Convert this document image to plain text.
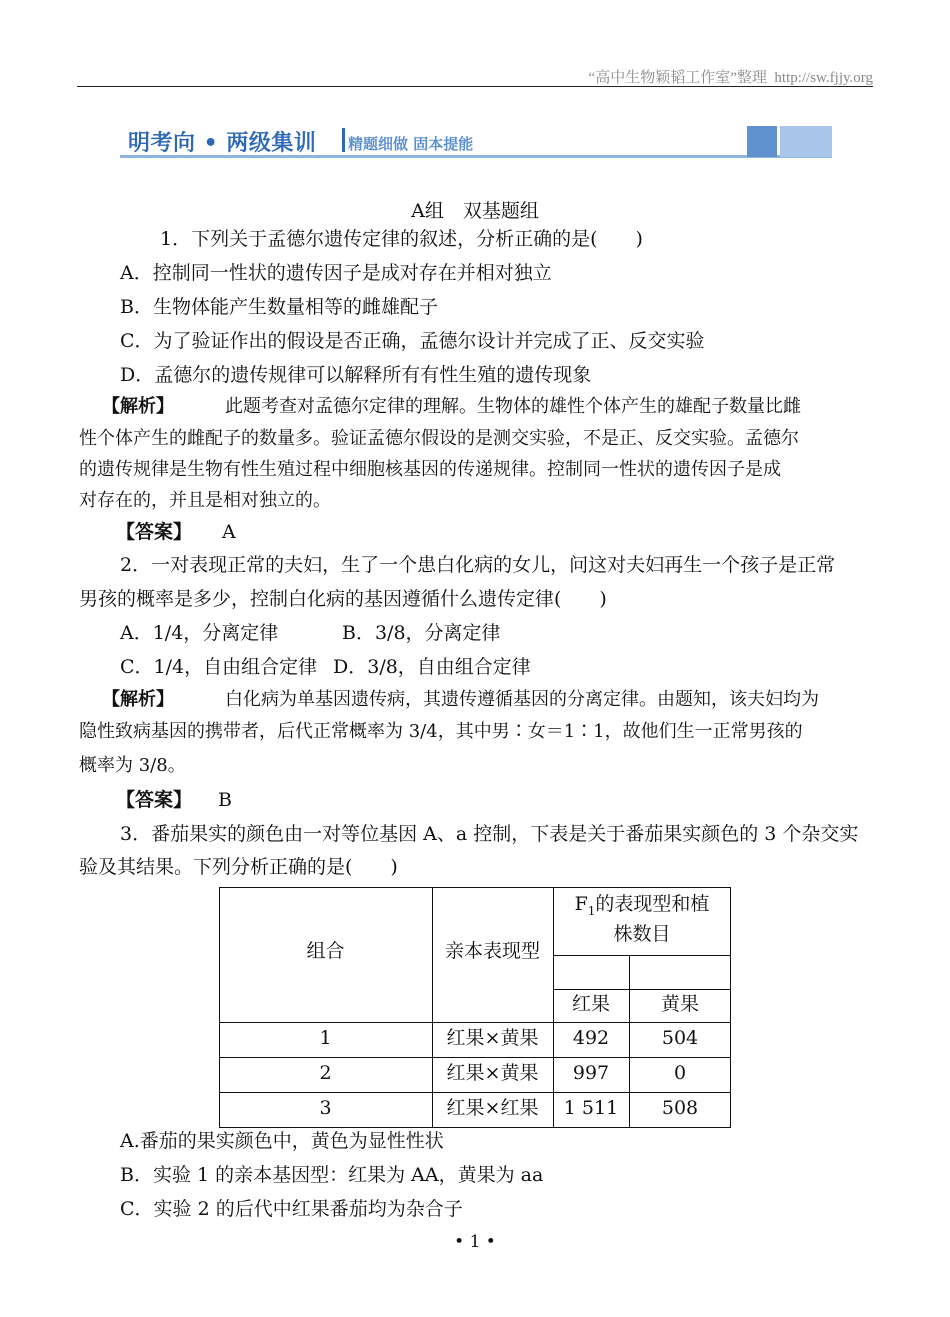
“高中生物颖韬工作室”整理 http://sw.fjjy.org
明考向 • 两级集训 精题细做 固本提能
A组　双基题组
1．下列关于孟德尔遗传定律的叙述，分析正确的是(　　)
A．控制同一性状的遗传因子是成对存在并相对独立
B．生物体能产生数量相等的雌雄配子
C．为了验证作出的假设是否正确，孟德尔设计并完成了正、反交实验
D．孟德尔的遗传规律可以解释所有有性生殖的遗传现象
【解析】	此题考查对孟德尔定律的理解。生物体的雄性个体产生的雄配子数量比雌
性个体产生的雌配子的数量多。验证孟德尔假设的是测交实验，不是正、反交实验。孟德尔
的遗传规律是生物有性生殖过程中细胞核基因的传递规律。控制同一性状的遗传因子是成
对存在的，并且是相对独立的。
【答案】 A
2．一对表现正常的夫妇，生了一个患白化病的女儿，问这对夫妇再生一个孩子是正常
男孩的概率是多少，控制白化病的基因遵循什么遗传定律(　　)
A．1/4，分离定律	B．3/8，分离定律
C．1/4，自由组合定律 D．3/8，自由组合定律
【解析】	白化病为单基因遗传病，其遗传遵循基因的分离定律。由题知，该夫妇均为
隐性致病基因的携带者，后代正常概率为 3/4，其中男∶女＝1∶1，故他们生一正常男孩的
概率为 3/8。
【答案】 B
3．番茄果实的颜色由一对等位基因 A、a 控制，下表是关于番茄果实颜色的 3 个杂交实
验及其结果。下列分析正确的是(　　)
组合	亲本表现型
$F_1$的表现型和植
株数目
红果	黄果
1	红果×黄果	492	504
2	红果×黄果	997	0
3	红果×红果	1 511	508
A.番茄的果实颜色中，黄色为显性性状
B．实验 1 的亲本基因型：红果为 AA，黄果为 aa
C．实验 2 的后代中红果番茄均为杂合子
• 1 •
